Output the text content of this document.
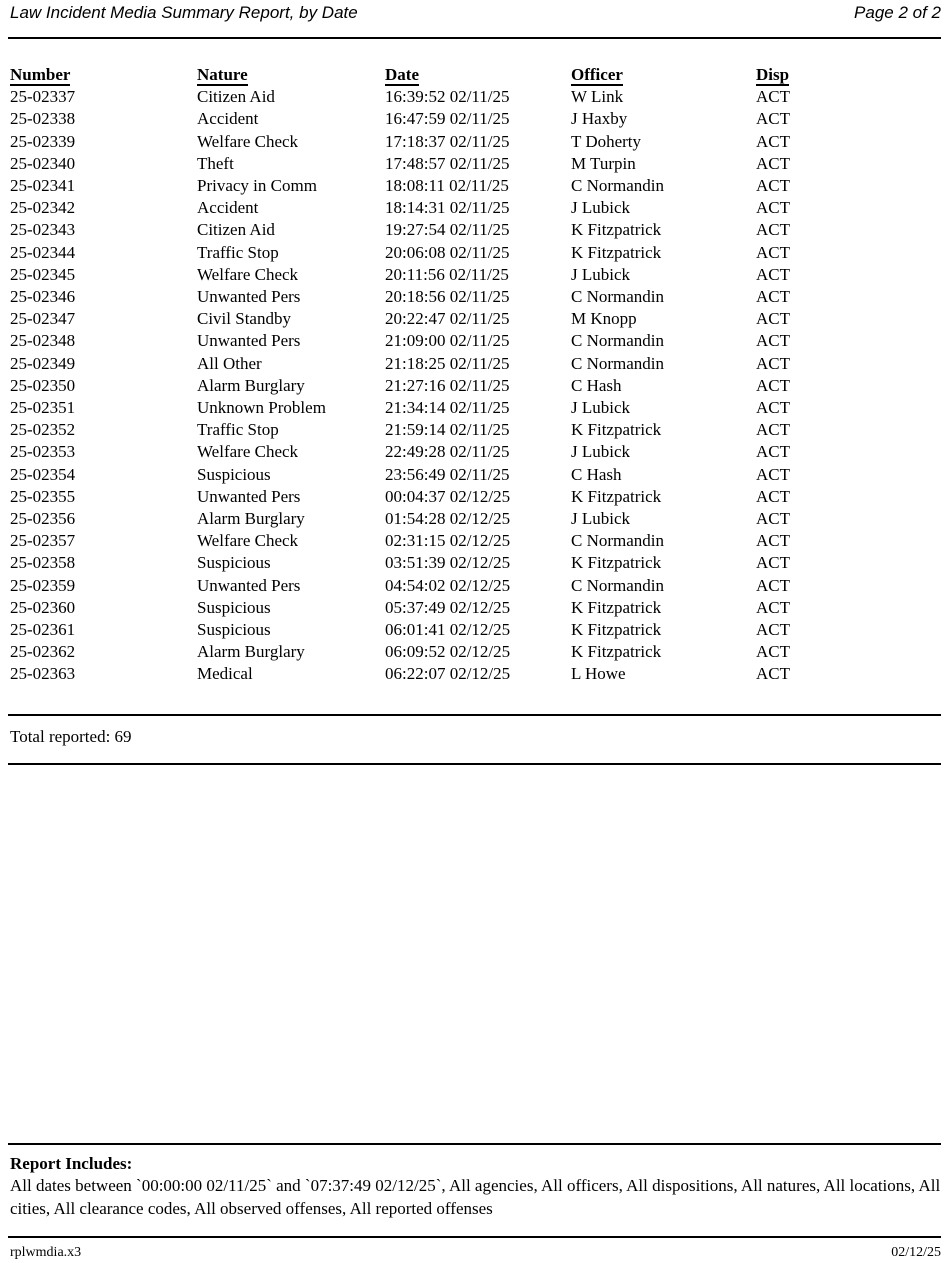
Law Incident Media Summary Report, by Date	Page 2 of 2
Number	Nature	Date	Officer	Disp
25-02337	Citizen Aid	16:39:52 02/11/25	W Link	ACT
25-02338	Accident	16:47:59 02/11/25	J Haxby	ACT
25-02339	Welfare Check	17:18:37 02/11/25	T Doherty	ACT
25-02340	Theft	17:48:57 02/11/25	M Turpin	ACT
25-02341	Privacy in Comm	18:08:11 02/11/25	C Normandin	ACT
25-02342	Accident	18:14:31 02/11/25	J Lubick	ACT
25-02343	Citizen Aid	19:27:54 02/11/25	K Fitzpatrick	ACT
25-02344	Traffic Stop	20:06:08 02/11/25	K Fitzpatrick	ACT
25-02345	Welfare Check	20:11:56 02/11/25	J Lubick	ACT
25-02346	Unwanted Pers	20:18:56 02/11/25	C Normandin	ACT
25-02347	Civil Standby	20:22:47 02/11/25	M Knopp	ACT
25-02348	Unwanted Pers	21:09:00 02/11/25	C Normandin	ACT
25-02349	All Other	21:18:25 02/11/25	C Normandin	ACT
25-02350	Alarm Burglary	21:27:16 02/11/25	C Hash	ACT
25-02351	Unknown Problem	21:34:14 02/11/25	J Lubick	ACT
25-02352	Traffic Stop	21:59:14 02/11/25	K Fitzpatrick	ACT
25-02353	Welfare Check	22:49:28 02/11/25	J Lubick	ACT
25-02354	Suspicious	23:56:49 02/11/25	C Hash	ACT
25-02355	Unwanted Pers	00:04:37 02/12/25	K Fitzpatrick	ACT
25-02356	Alarm Burglary	01:54:28 02/12/25	J Lubick	ACT
25-02357	Welfare Check	02:31:15 02/12/25	C Normandin	ACT
25-02358	Suspicious	03:51:39 02/12/25	K Fitzpatrick	ACT
25-02359	Unwanted Pers	04:54:02 02/12/25	C Normandin	ACT
25-02360	Suspicious	05:37:49 02/12/25	K Fitzpatrick	ACT
25-02361	Suspicious	06:01:41 02/12/25	K Fitzpatrick	ACT
25-02362	Alarm Burglary	06:09:52 02/12/25	K Fitzpatrick	ACT
25-02363	Medical	06:22:07 02/12/25	L Howe	ACT
Total reported: 69
Report Includes:
All dates between `00:00:00 02/11/25` and `07:37:49 02/12/25`, All agencies, All officers, All dispositions, All natures, All locations, All cities, All clearance codes, All observed offenses, All reported offenses
rplwmdia.x3	02/12/25
